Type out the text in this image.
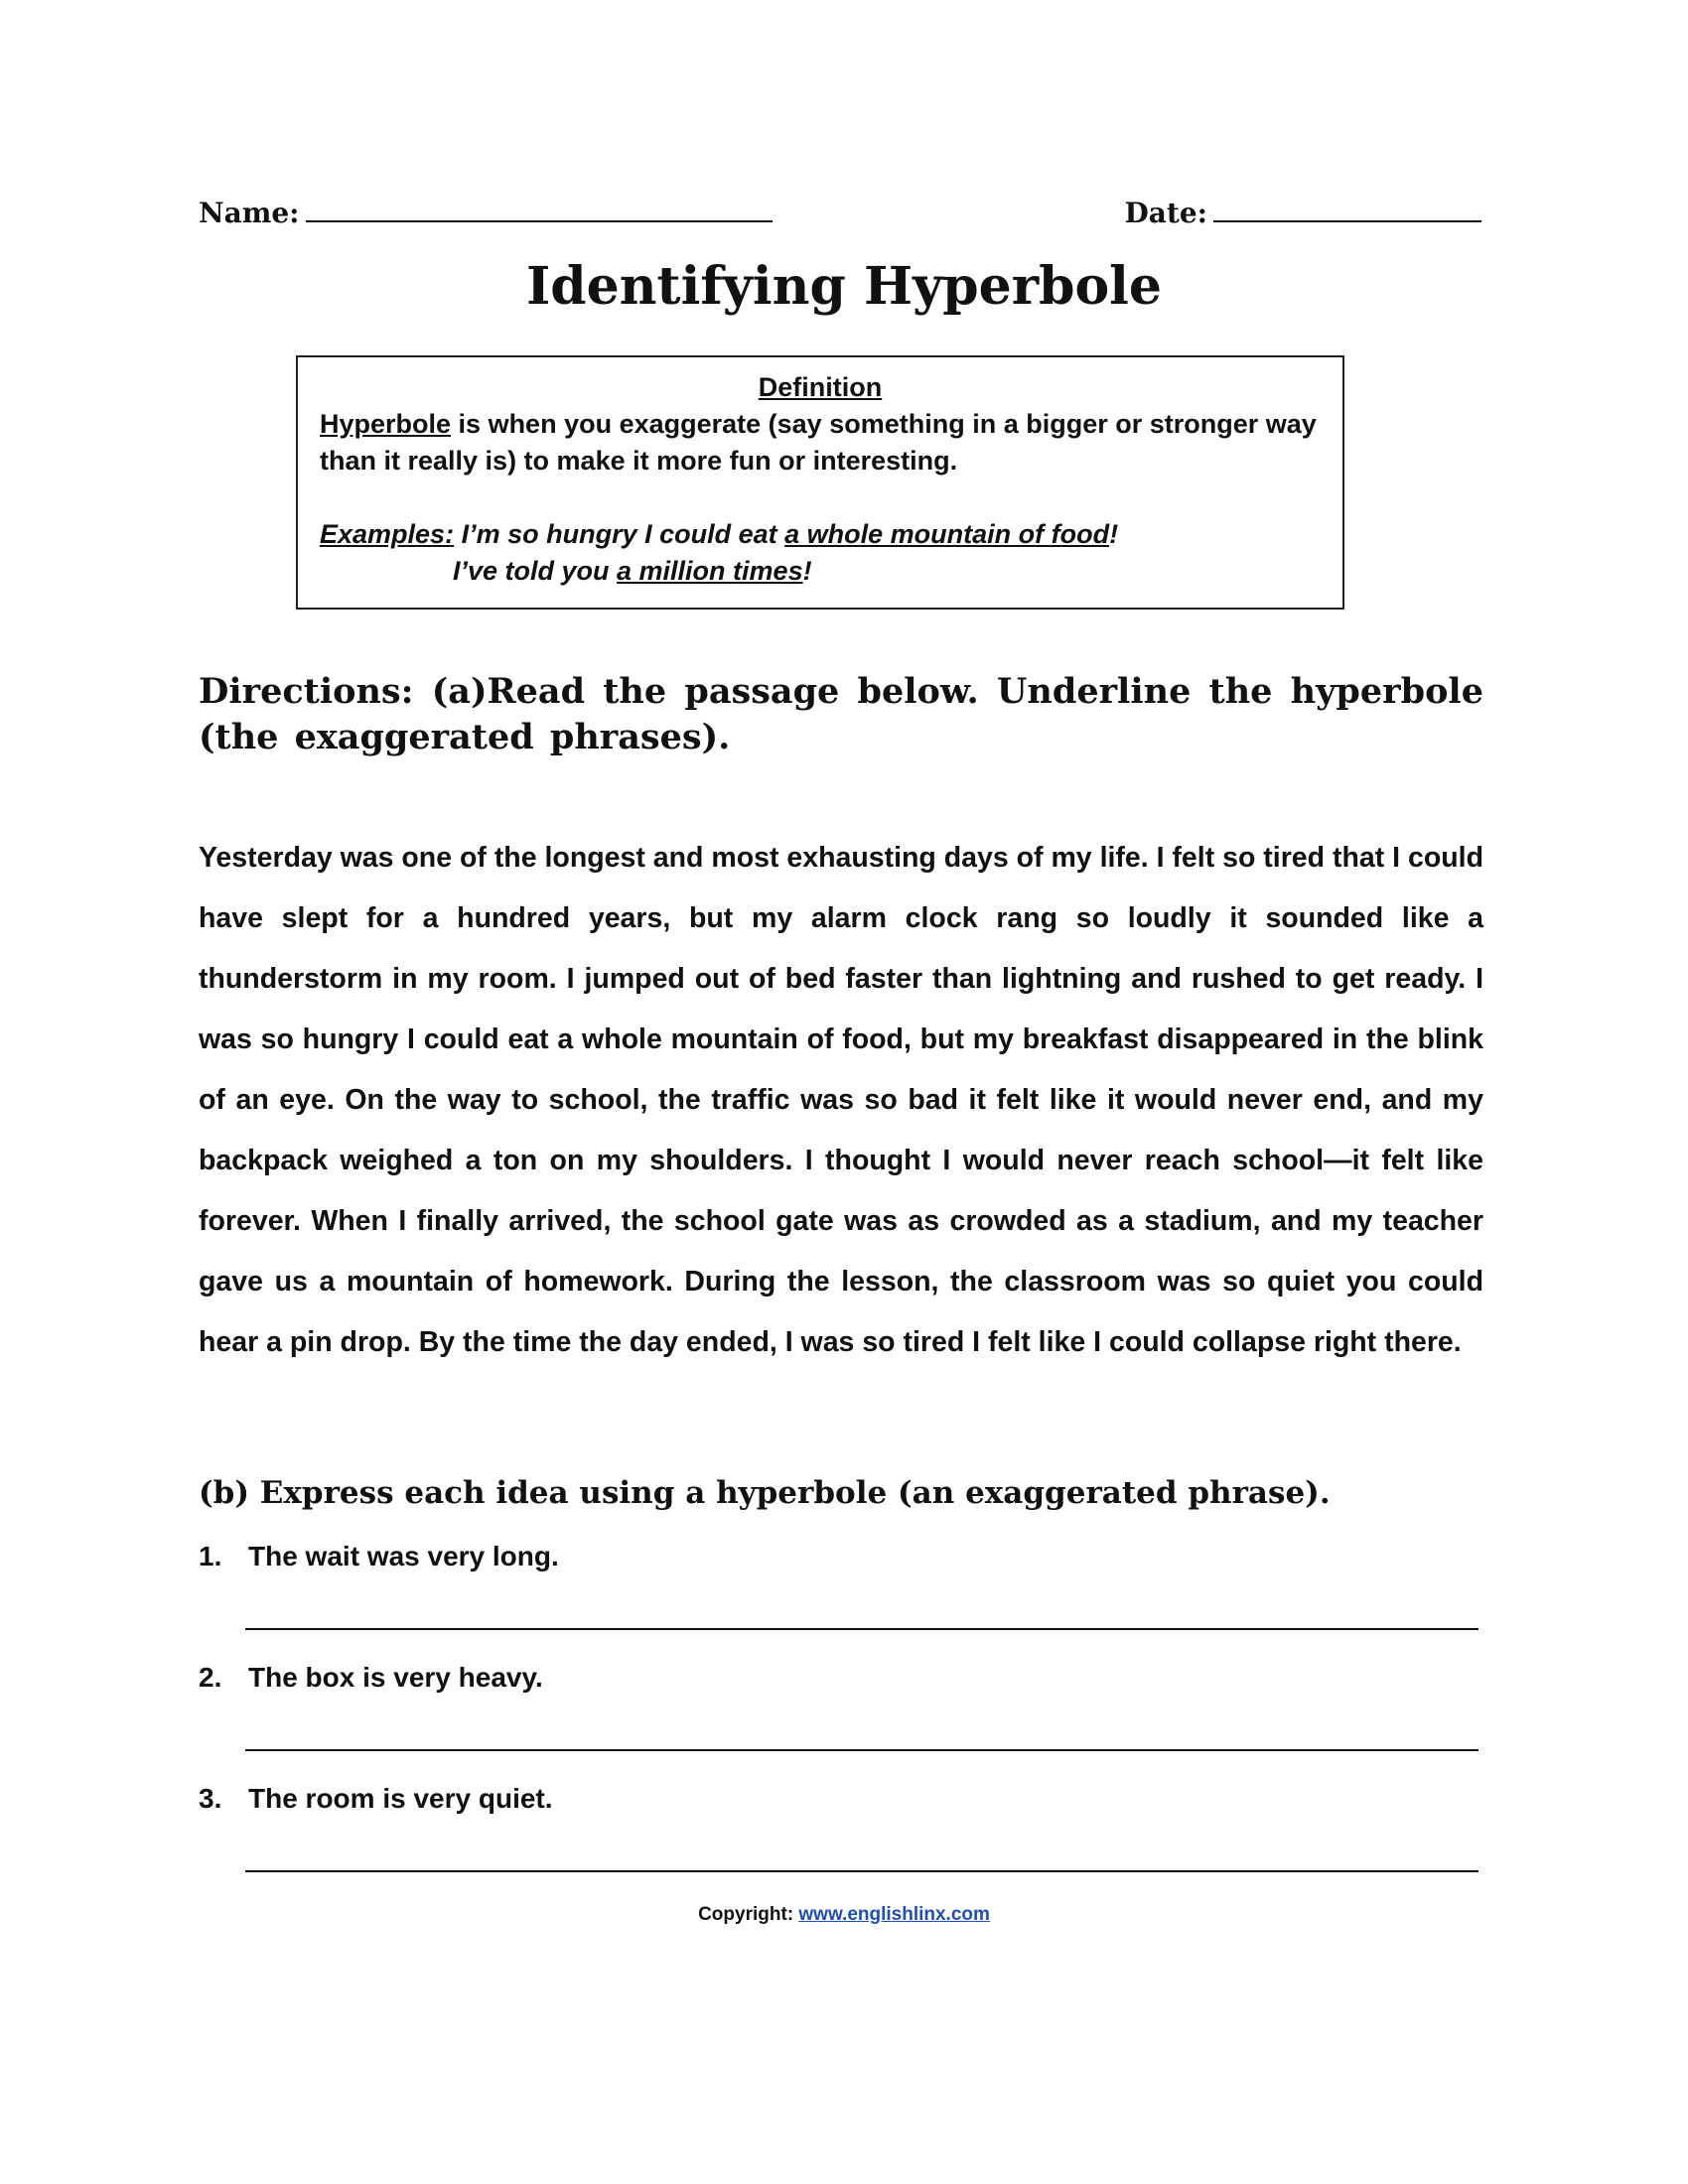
Name:	Date:
Identifying Hyperbole
Definition
Hyperbole is when you exaggerate (say something in a bigger or stronger way than it really is) to make it more fun or interesting.
Examples: I’m so hungry I could eat a whole mountain of food!
I’ve told you a million times!
Directions: (a)Read the passage below. Underline the hyperbole (the exaggerated phrases).
Yesterday was one of the longest and most exhausting days of my life. I felt so tired that I could have slept for a hundred years, but my alarm clock rang so loudly it sounded like a thunderstorm in my room. I jumped out of bed faster than lightning and rushed to get ready. I was so hungry I could eat a whole mountain of food, but my breakfast disappeared in the blink of an eye. On the way to school, the traffic was so bad it felt like it would never end, and my backpack weighed a ton on my shoulders. I thought I would never reach school—it felt like forever. When I finally arrived, the school gate was as crowded as a stadium, and my teacher gave us a mountain of homework. During the lesson, the classroom was so quiet you could hear a pin drop. By the time the day ended, I was so tired I felt like I could collapse right there.
(b) Express each idea using a hyperbole (an exaggerated phrase).
1. The wait was very long.
2. The box is very heavy.
3. The room is very quiet.
Copyright: www.englishlinx.com
